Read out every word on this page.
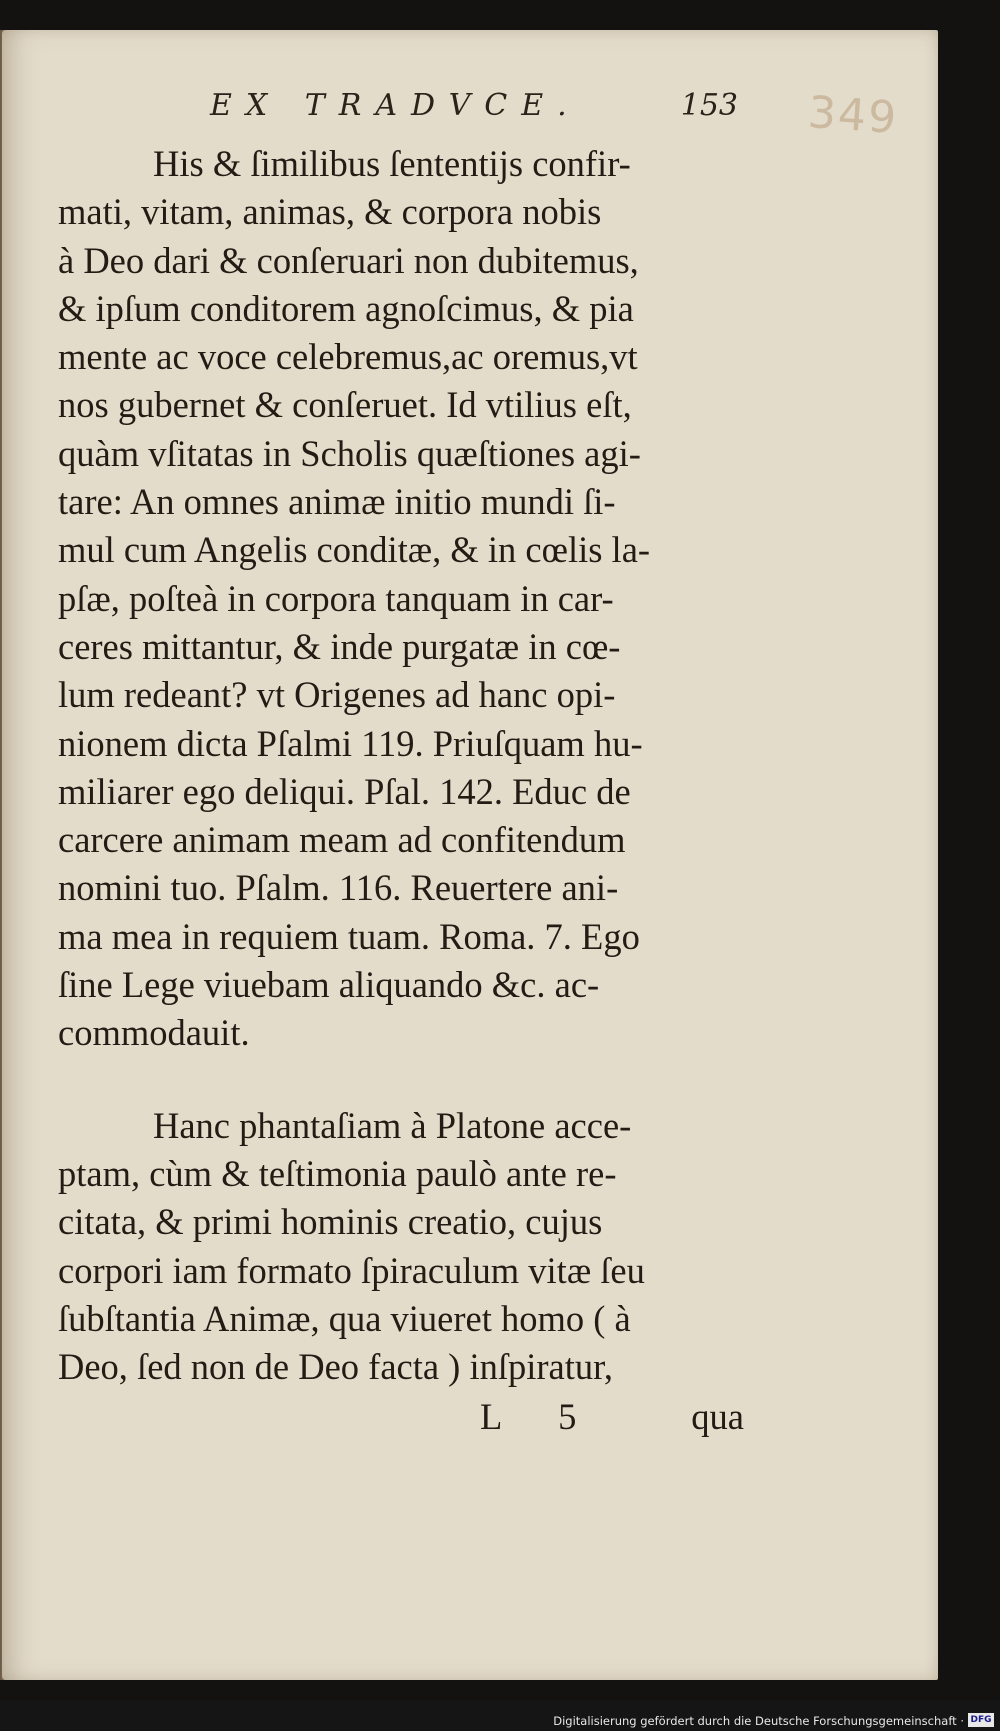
EX TRADVCE.	153 349
His & ſimilibus ſententijs confir-
mati, vitam, animas, & corpora nobis
à Deo dari & conſeruari non dubitemus,
& ipſum conditorem agnoſcimus, & pia
mente ac voce celebremus,ac oremus,vt
nos gubernet & conſeruet. Id vtilius eſt,
quàm vſitatas in Scholis quæſtiones agi-
tare: An omnes animæ initio mundi ſi-
mul cum Angelis conditæ, & in cœlis la-
pſæ, poſteà in corpora tanquam in car-
ceres mittantur, & inde purgatæ in cœ-
lum redeant? vt Origenes ad hanc opi-
nionem dicta Pſalmi 119. Priuſquam hu-
miliarer ego deliqui. Pſal. 142. Educ de
carcere animam meam ad confitendum
nomini tuo. Pſalm. 116. Reuertere ani-
ma mea in requiem tuam. Roma. 7. Ego
ſine Lege viuebam aliquando &c. ac-
commodauit.
Hanc phantaſiam à Platone acce-
ptam, cùm & teſtimonia paulò ante re-
citata, & primi hominis creatio, cujus
corpori iam formato ſpiraculum vitæ ſeu
ſubſtantia Animæ, qua viueret homo ( à
Deo, ſed non de Deo facta ) inſpiratur,
L 5 qua
Digitalisierung gefördert durch die Deutsche Forschungsgemeinschaft · DFG
